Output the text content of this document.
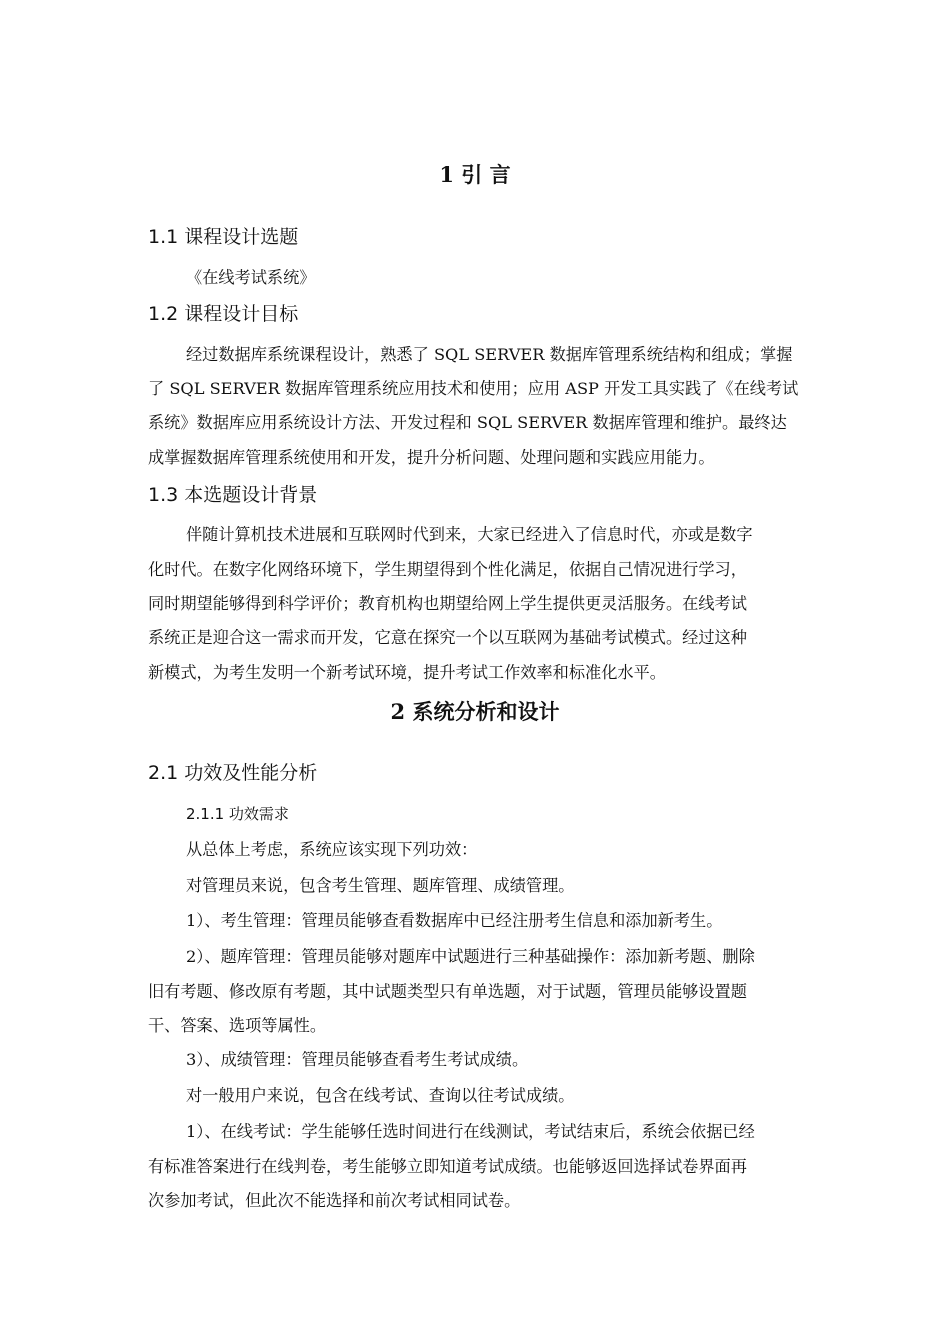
1 引 言
1.1 课程设计选题
《在线考试系统》
1.2 课程设计目标
经过数据库系统课程设计，熟悉了 SQL SERVER 数据库管理系统结构和组成；掌握
了 SQL SERVER 数据库管理系统应用技术和使用；应用 ASP 开发工具实践了《在线考试
系统》数据库应用系统设计方法、开发过程和 SQL SERVER 数据库管理和维护。最终达
成掌握数据库管理系统使用和开发，提升分析问题、处理问题和实践应用能力。
1.3 本选题设计背景
伴随计算机技术进展和互联网时代到来，大家已经进入了信息时代，亦或是数字
化时代。在数字化网络环境下，学生期望得到个性化满足，依据自己情况进行学习，
同时期望能够得到科学评价；教育机构也期望给网上学生提供更灵活服务。在线考试
系统正是迎合这一需求而开发，它意在探究一个以互联网为基础考试模式。经过这种
新模式，为考生发明一个新考试环境，提升考试工作效率和标准化水平。
2 系统分析和设计
2.1 功效及性能分析
2.1.1 功效需求
从总体上考虑，系统应该实现下列功效：
对管理员来说，包含考生管理、题库管理、成绩管理。
1）、考生管理：管理员能够查看数据库中已经注册考生信息和添加新考生。
2）、题库管理：管理员能够对题库中试题进行三种基础操作：添加新考题、删除
旧有考题、修改原有考题，其中试题类型只有单选题，对于试题，管理员能够设置题
干、答案、选项等属性。
3）、成绩管理：管理员能够查看考生考试成绩。
对一般用户来说，包含在线考试、查询以往考试成绩。
1）、在线考试：学生能够任选时间进行在线测试，考试结束后，系统会依据已经
有标准答案进行在线判卷，考生能够立即知道考试成绩。也能够返回选择试卷界面再
次参加考试，但此次不能选择和前次考试相同试卷。
